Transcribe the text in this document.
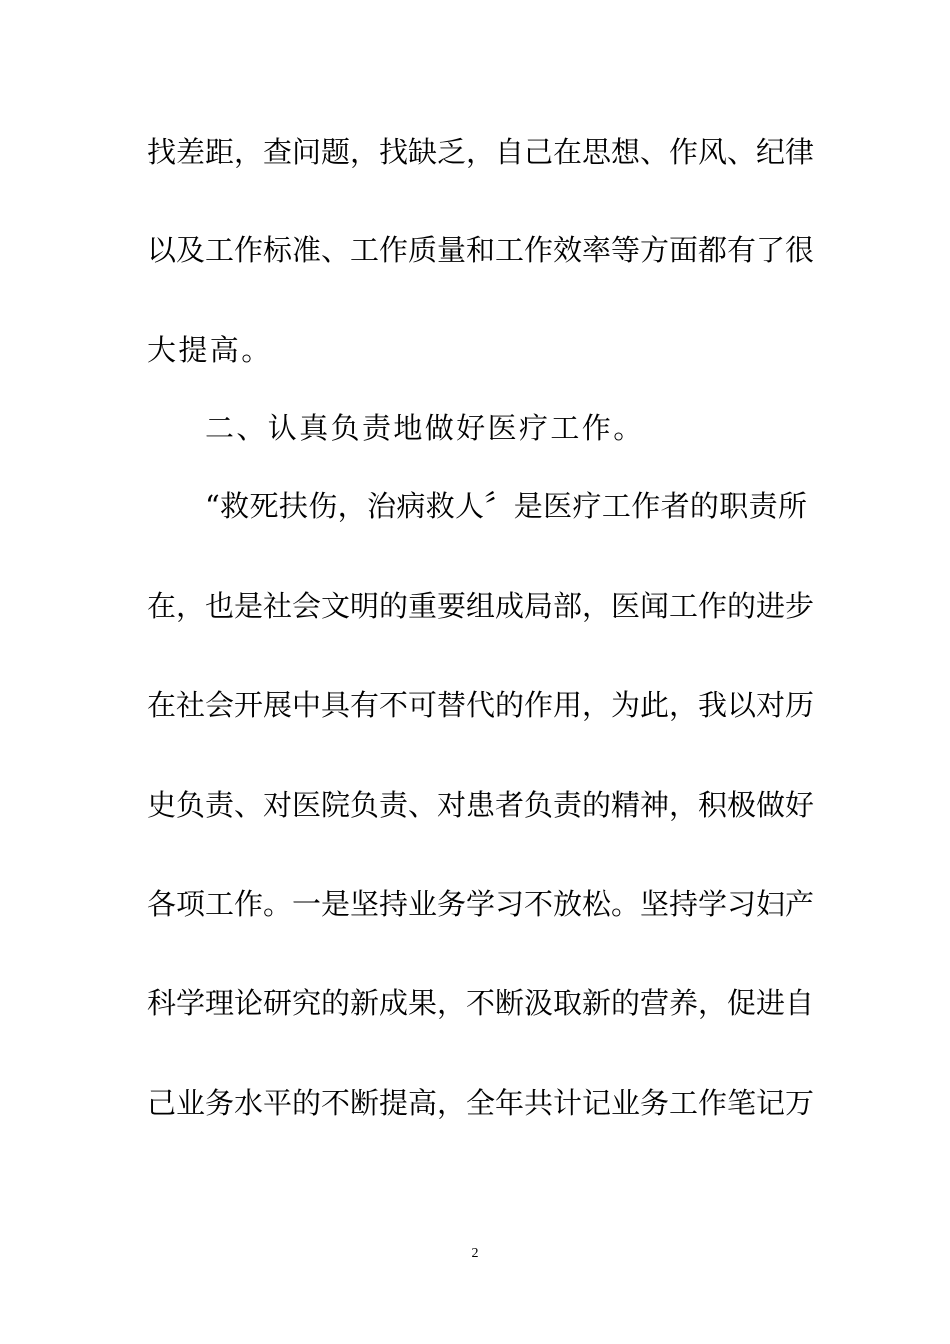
找差距，查问题，找缺乏，自己在思想、作风、纪律
以及工作标准、工作质量和工作效率等方面都有了很
大提高。
二、认真负责地做好医疗工作。
“救死扶伤，治病救人〞是医疗工作者的职责所
在，也是社会文明的重要组成局部，医闻工作的进步
在社会开展中具有不可替代的作用，为此，我以对历
史负责、对医院负责、对患者负责的精神，积极做好
各项工作。一是坚持业务学习不放松。坚持学习妇产
科学理论研究的新成果，不断汲取新的营养，促进自
己业务水平的不断提高，全年共计记业务工作笔记万
2
